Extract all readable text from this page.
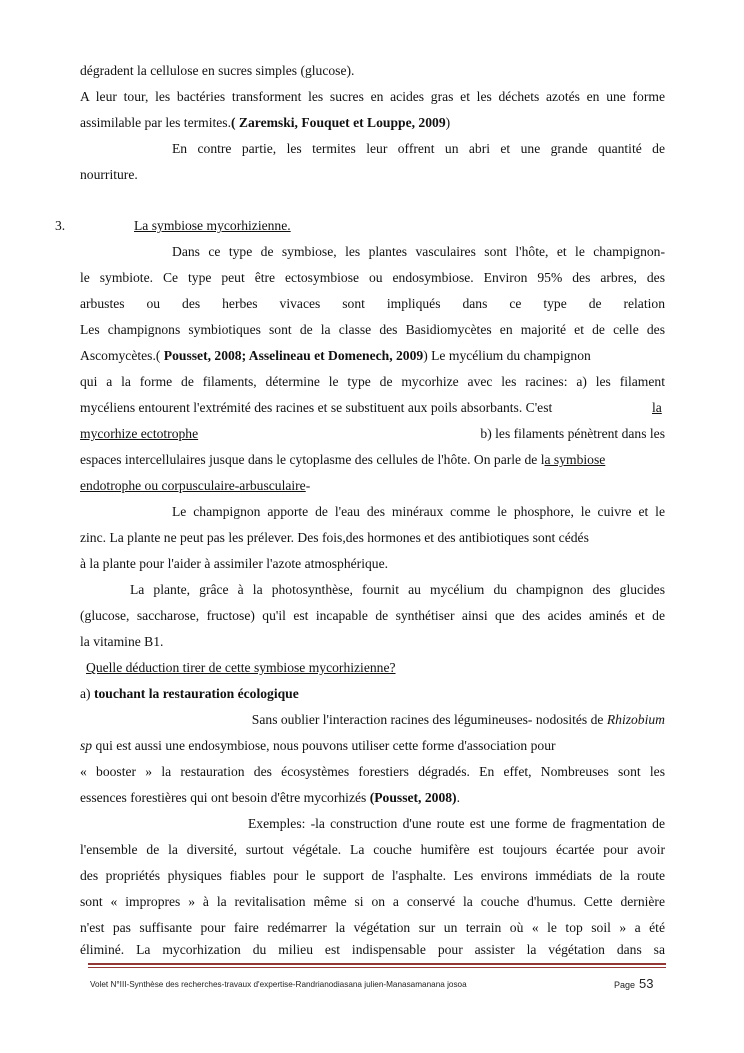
dégradent la cellulose en sucres simples (glucose).
A leur tour, les bactéries transforment les sucres en acides gras et les déchets azotés en une forme
assimilable par les termites.( Zaremski, Fouquet et Louppe, 2009)
En contre partie, les termites leur offrent un abri et une grande quantité de
nourriture.
3.	La symbiose mycorhizienne.
Dans ce type de symbiose, les plantes vasculaires sont l'hôte, et le champignon-
le symbiote. Ce type peut être ectosymbiose ou endosymbiose. Environ 95% des arbres, des
arbustes ou des herbes vivaces sont impliqués dans ce type de relation
Les champignons symbiotiques sont de la classe des Basidiomycètes en majorité et de celle des
Ascomycètes.( Pousset, 2008; Asselineau et Domenech, 2009) Le mycélium du champignon
qui a la forme de filaments, détermine le type de mycorhize avec les racines: a) les filament
mycéliens entourent l'extrémité des racines et se substituent aux poils absorbants. C'est	la
mycorhize ectotrophe	b) les filaments pénètrent dans les
espaces intercellulaires jusque dans le cytoplasme des cellules de l'hôte. On parle de la symbiose
endotrophe ou corpusculaire-arbusculaire-
Le champignon apporte de l'eau des minéraux comme le phosphore, le cuivre et le
zinc. La plante ne peut pas les prélever. Des fois,des hormones et des antibiotiques sont cédés
à la plante pour l'aider à assimiler l'azote atmosphérique.
La plante, grâce à la photosynthèse, fournit au mycélium du champignon des glucides
(glucose, saccharose, fructose) qu'il est incapable de synthétiser ainsi que des acides aminés et de
la vitamine B1.
Quelle déduction tirer de cette symbiose mycorhizienne?
a) touchant la restauration écologique
Sans oublier l'interaction racines des légumineuses- nodosités de Rhizobium
sp qui est aussi une endosymbiose, nous pouvons utiliser cette forme d'association pour
« booster » la restauration des écosystèmes forestiers dégradés. En effet, Nombreuses sont les
essences forestières qui ont besoin d'être mycorhizés (Pousset, 2008).
Exemples: -la construction d'une route est une forme de fragmentation de
l'ensemble de la diversité, surtout végétale. La couche humifère est toujours écartée pour avoir
des propriétés physiques fiables pour le support de l'asphalte. Les environs immédiats de la route
sont « impropres » à la revitalisation même si on a conservé la couche d'humus. Cette dernière
n'est pas suffisante pour faire redémarrer la végétation sur un terrain où « le top soil » a été
éliminé. La mycorhization du milieu est indispensable pour assister la végétation dans sa
Volet N°III-Synthèse des recherches-travaux d'expertise-Randrianodiasana julien-Manasamanana josoa	Page 53
